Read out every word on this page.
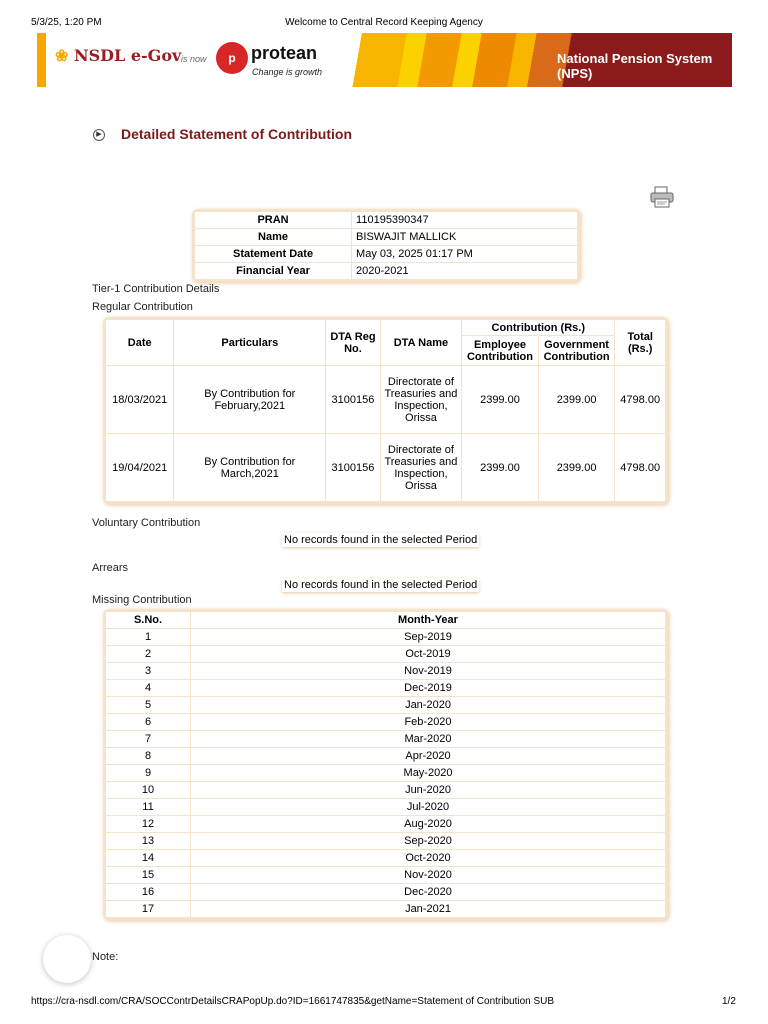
5/3/25, 1:20 PM	Welcome to Central Record Keeping Agency
❀ NSDL e-Gov is now	p protean
Change is growth
National Pension System (NPS)
▶ Detailed Statement of Contribution
PRAN	110195390347
Name	BISWAJIT MALLICK
Statement Date	May 03, 2025 01:17 PM
Financial Year	2020-2021
Tier-1 Contribution Details
Regular Contribution
Date	Particulars	DTA Reg No.	DTA Name	Contribution (Rs.)		Total (Rs.)
				Employee Contribution	Government Contribution	
18/03/2021	By Contribution for February,2021	3100156	Directorate of Treasuries and Inspection, Orissa	2399.00	2399.00	4798.00
19/04/2021	By Contribution for March,2021	3100156	Directorate of Treasuries and Inspection, Orissa	2399.00	2399.00	4798.00
Voluntary Contribution
No records found in the selected Period
Arrears
No records found in the selected Period
Missing Contribution
S.No.	Month-Year
1	Sep-2019
2	Oct-2019
3	Nov-2019
4	Dec-2019
5	Jan-2020
6	Feb-2020
7	Mar-2020
8	Apr-2020
9	May-2020
10	Jun-2020
11	Jul-2020
12	Aug-2020
13	Sep-2020
14	Oct-2020
15	Nov-2020
16	Dec-2020
17	Jan-2021
Note:
https://cra-nsdl.com/CRA/SOCContrDetailsCRAPopUp.do?ID=1661747835&getName=Statement of Contribution SUB	1/2
